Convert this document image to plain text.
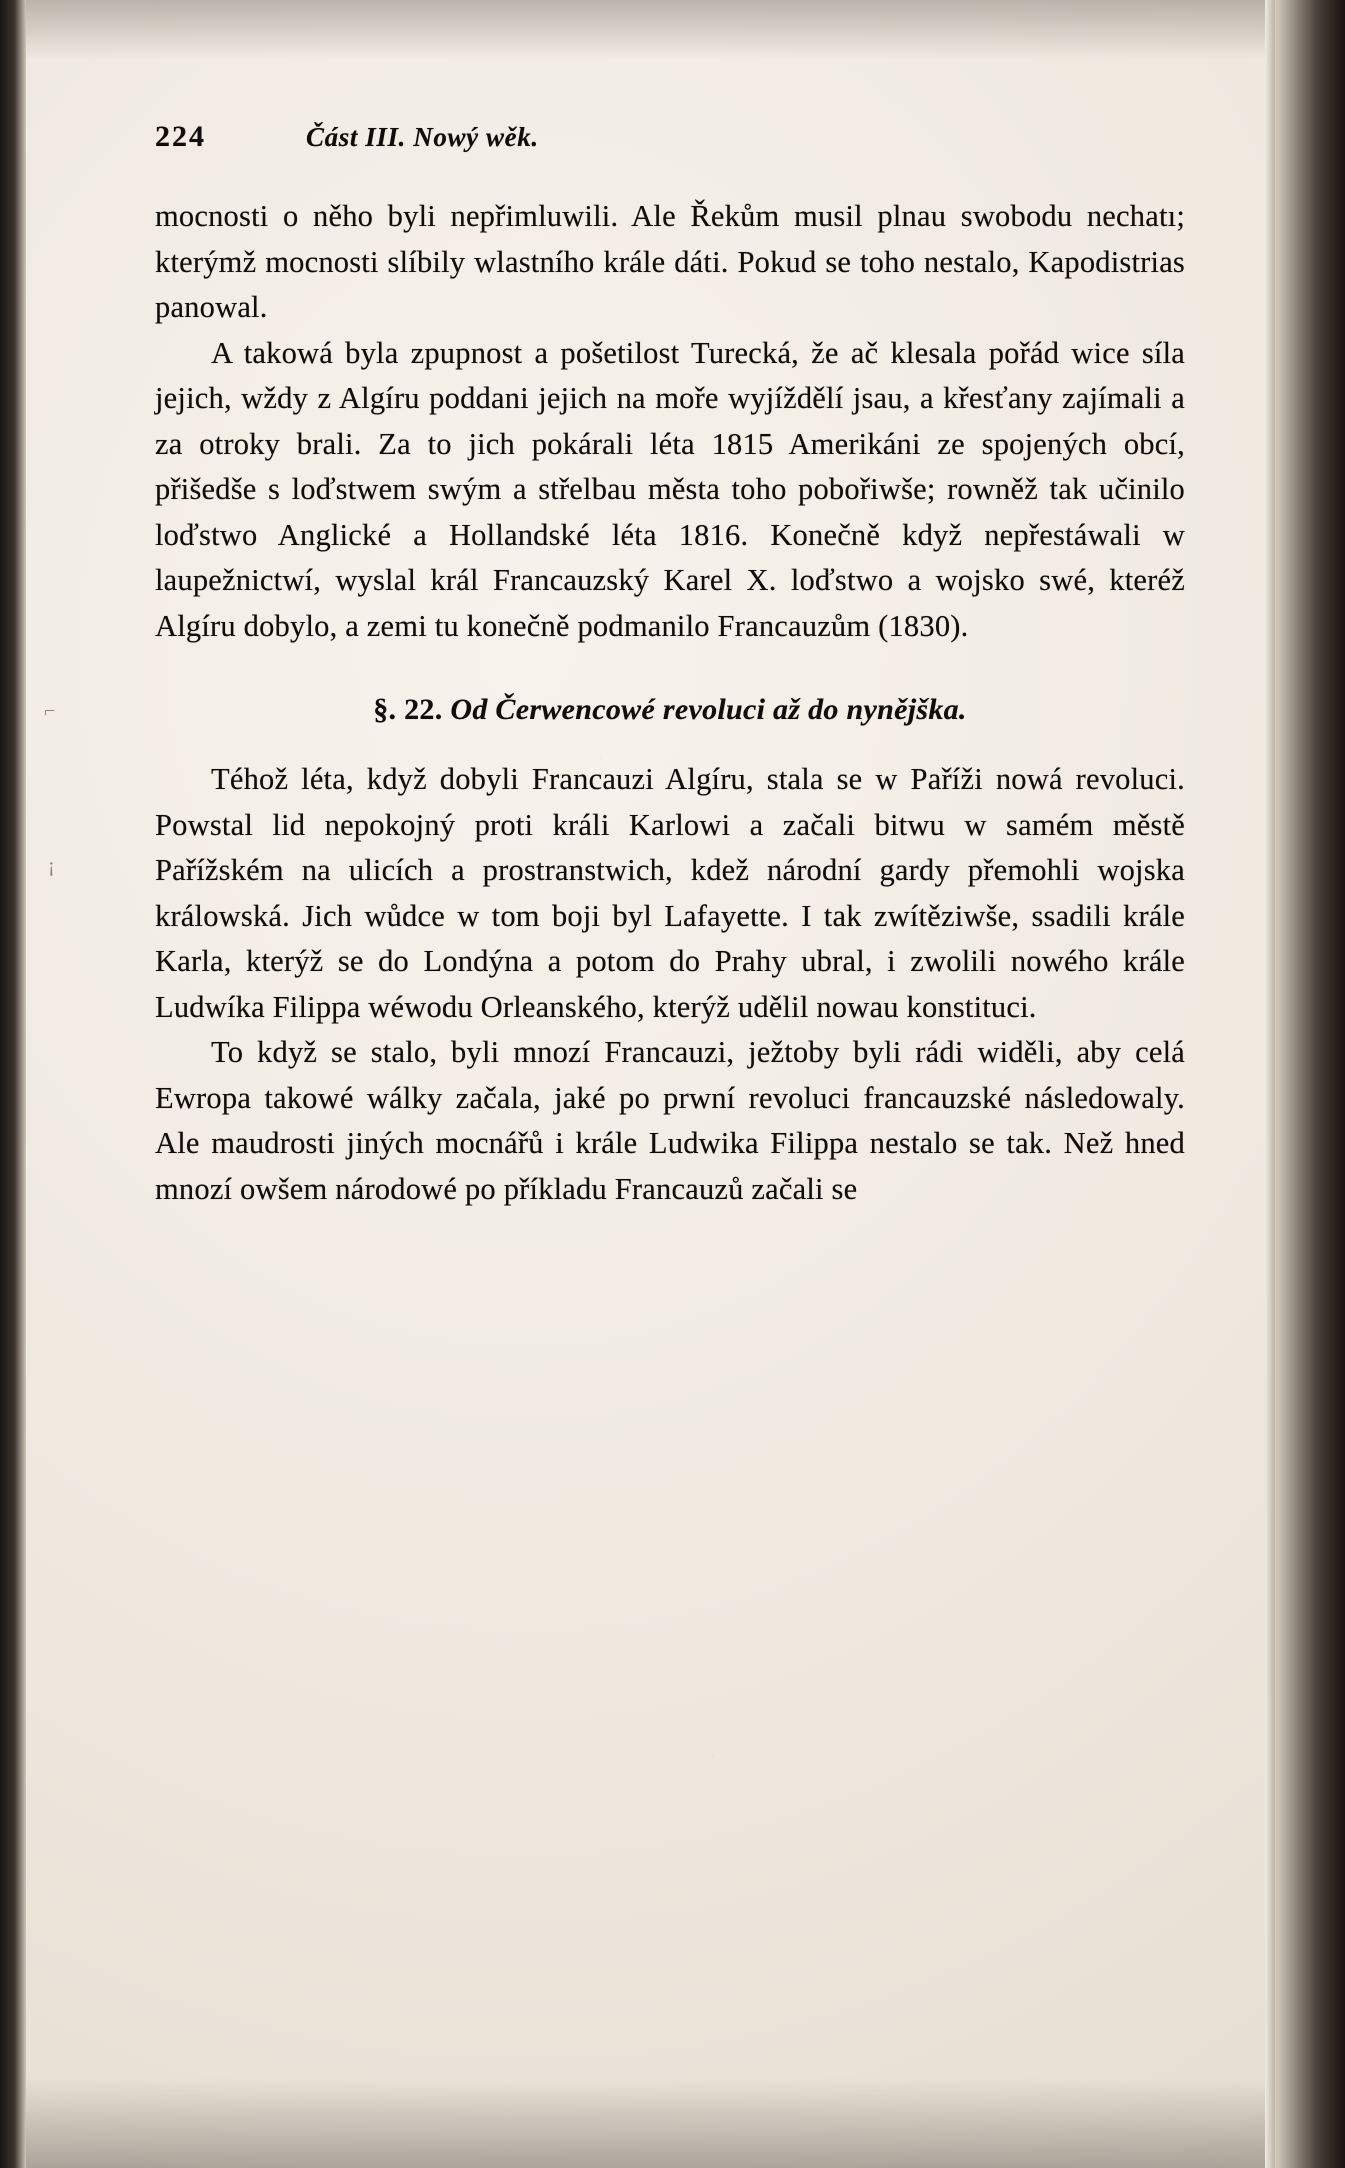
⌐
¡
224	Část III. Nowý wěk.

mocnosti o něho byli nepřimluwili. Ale Řekům musil plnau swobodu nechatı; kterýmž mocnosti slíbily wlastního krále dáti. Pokud se toho nestalo, Kapodistrias panowal.

A takowá byla zpupnost a pošetilost Turecká, že ač klesala pořád wice síla jejich, wždy z Algíru poddani jejich na moře wyjíždělí jsau, a křesťany zajímali a za otroky brali. Za to jich pokárali léta 1815 Amerikáni ze spojených obcí, přišedše s loďstwem swým a střelbau města toho pobořiwše; rowněž tak učinilo loďstwo Anglické a Hollandské léta 1816. Konečně když nepřestáwali w laupežnictwí, wyslal král Francauzský Karel X. loďstwo a wojsko swé, kteréž Algíru dobylo, a zemi tu konečně podmanilo Francauzům (1830).

§. 22. Od Čerwencowé revoluci až do nynějška.

Téhož léta, když dobyli Francauzi Algíru, stala se w Paříži nowá revoluci. Powstal lid nepokojný proti králi Karlowi a začali bitwu w samém městě Pařížském na ulicích a prostranstwich, kdež národní gardy přemohli wojska králowská. Jich wůdce w tom boji byl Lafayette. I tak zwítěziwše, ssadili krále Karla, kterýž se do Londýna a potom do Prahy ubral, i zwolili nowého krále Ludwíka Filippa wéwodu Orleanského, kterýž udělil nowau konstituci.

To když se stalo, byli mnozí Francauzi, ježtoby byli rádi widěli, aby celá Ewropa takowé wálky začala, jaké po prwní revoluci francauzské následowaly. Ale maudrosti jiných mocnářů i krále Ludwika Filippa nestalo se tak. Než hned mnozí owšem národowé po příkladu Francauzů začali se
